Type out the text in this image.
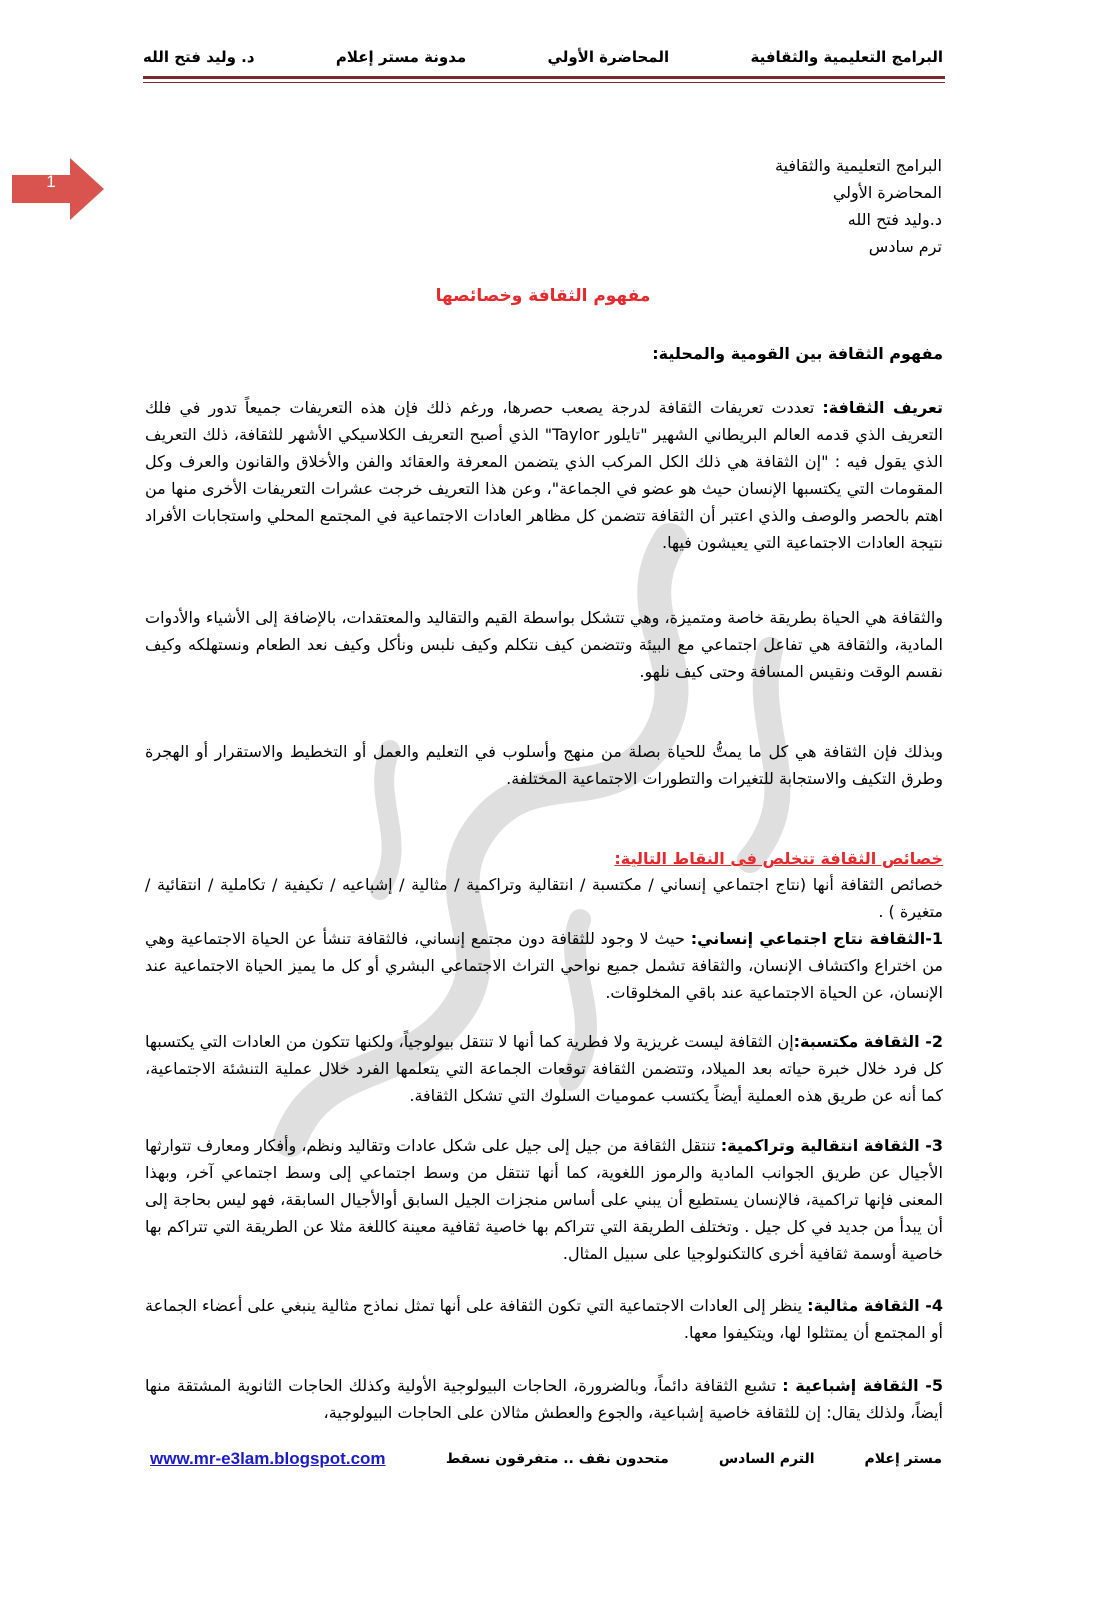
البرامج التعليمية والثقافية
المحاضرة الأولي
مدونة مستر إعلام
د. وليد فتح الله
1
البرامج التعليمية والثقافية
المحاضرة الأولي
د.وليد فتح الله
ترم سادس
مفهوم الثقافة وخصائصها
مفهوم الثقافة بين القومية والمحلية:
تعريف الثقافة: تعددت تعريفات الثقافة لدرجة يصعب حصرها، ورغم ذلك فإن هذه التعريفات جميعاً تدور في فلك التعريف الذي قدمه العالم البريطاني الشهير "تايلور Taylor" الذي أصبح التعريف الكلاسيكي الأشهر للثقافة، ذلك التعريف الذي يقول فيه : "إن الثقافة هي ذلك الكل المركب الذي يتضمن المعرفة والعقائد والفن والأخلاق والقانون والعرف وكل المقومات التي يكتسبها الإنسان حيث هو عضو في الجماعة"، وعن هذا التعريف خرجت عشرات التعريفات الأخرى منها من اهتم بالحصر والوصف والذي اعتبر أن الثقافة تتضمن كل مظاهر العادات الاجتماعية في المجتمع المحلي واستجابات الأفراد نتيجة العادات الاجتماعية التي يعيشون فيها.
والثقافة هي الحياة بطريقة خاصة ومتميزة، وهي تتشكل بواسطة القيم والتقاليد والمعتقدات، بالإضافة إلى الأشياء والأدوات المادية، والثقافة هي تفاعل اجتماعي مع البيئة وتتضمن كيف نتكلم وكيف نلبس ونأكل وكيف نعد الطعام ونستهلكه وكيف نقسم الوقت ونقيس المسافة وحتى كيف نلهو.
وبذلك فإن الثقافة هي كل ما يمتُّ للحياة بصلة من منهج وأسلوب في التعليم والعمل أو التخطيط والاستقرار أو الهجرة وطرق التكيف والاستجابة للتغيرات والتطورات الاجتماعية المختلفة.
خصائص الثقافة تتخلص فى النقاط التالية:
خصائص الثقافة أنها (نتاج اجتماعي إنساني / مكتسبة / انتقالية وتراكمية / مثالية / إشباعيه / تكيفية / تكاملية / انتقائية / متغيرة ) .
1-الثقافة نتاج اجتماعي إنساني: حيث لا وجود للثقافة دون مجتمع إنساني، فالثقافة تنشأ عن الحياة الاجتماعية وهي من اختراع واكتشاف الإنسان، والثقافة تشمل جميع نواحي التراث الاجتماعي البشري أو كل ما يميز الحياة الاجتماعية عند الإنسان، عن الحياة الاجتماعية عند باقي المخلوقات.
2- الثقافة مكتسبة:إن الثقافة ليست غريزية ولا فطرية كما أنها لا تنتقل بيولوجياً، ولكنها تتكون من العادات التي يكتسبها كل فرد خلال خبرة حياته بعد الميلاد، وتتضمن الثقافة توقعات الجماعة التي يتعلمها الفرد خلال عملية التنشئة الاجتماعية، كما أنه عن طريق هذه العملية أيضاً يكتسب عموميات السلوك التي تشكل الثقافة.
3- الثقافة انتقالية وتراكمية: تنتقل الثقافة من جيل إلى جيل على شكل عادات وتقاليد ونظم، وأفكار ومعارف تتوارثها الأجيال عن طريق الجوانب المادية والرموز اللغوية، كما أنها تنتقل من وسط اجتماعي إلى وسط اجتماعي آخر، وبهذا المعنى فإنها تراكمية، فالإنسان يستطيع أن يبني على أساس منجزات الجيل السابق أوالأجيال السابقة، فهو ليس بحاجة إلى أن يبدأ من جديد في كل جيل . وتختلف الطريقة التي تتراكم بها خاصية ثقافية معينة كاللغة مثلا عن الطريقة التي تتراكم بها خاصية أوسمة ثقافية أخرى كالتكنولوجيا على سبيل المثال.
4- الثقافة مثالية: ينظر إلى العادات الاجتماعية التي تكون الثقافة على أنها تمثل نماذج مثالية ينبغي على أعضاء الجماعة أو المجتمع أن يمتثلوا لها، ويتكيفوا معها.
5- الثقافة إشباعية : تشبع الثقافة دائماً، وبالضرورة، الحاجات البيولوجية الأولية وكذلك الحاجات الثانوية المشتقة منها أيضاً، ولذلك يقال: إن للثقافة خاصية إشباعية، والجوع والعطش مثالان على الحاجات البيولوجية،
مستر إعلام
الترم السادس
متحدون نقف .. متفرقون نسقط
www.mr-e3lam.blogspot.com
